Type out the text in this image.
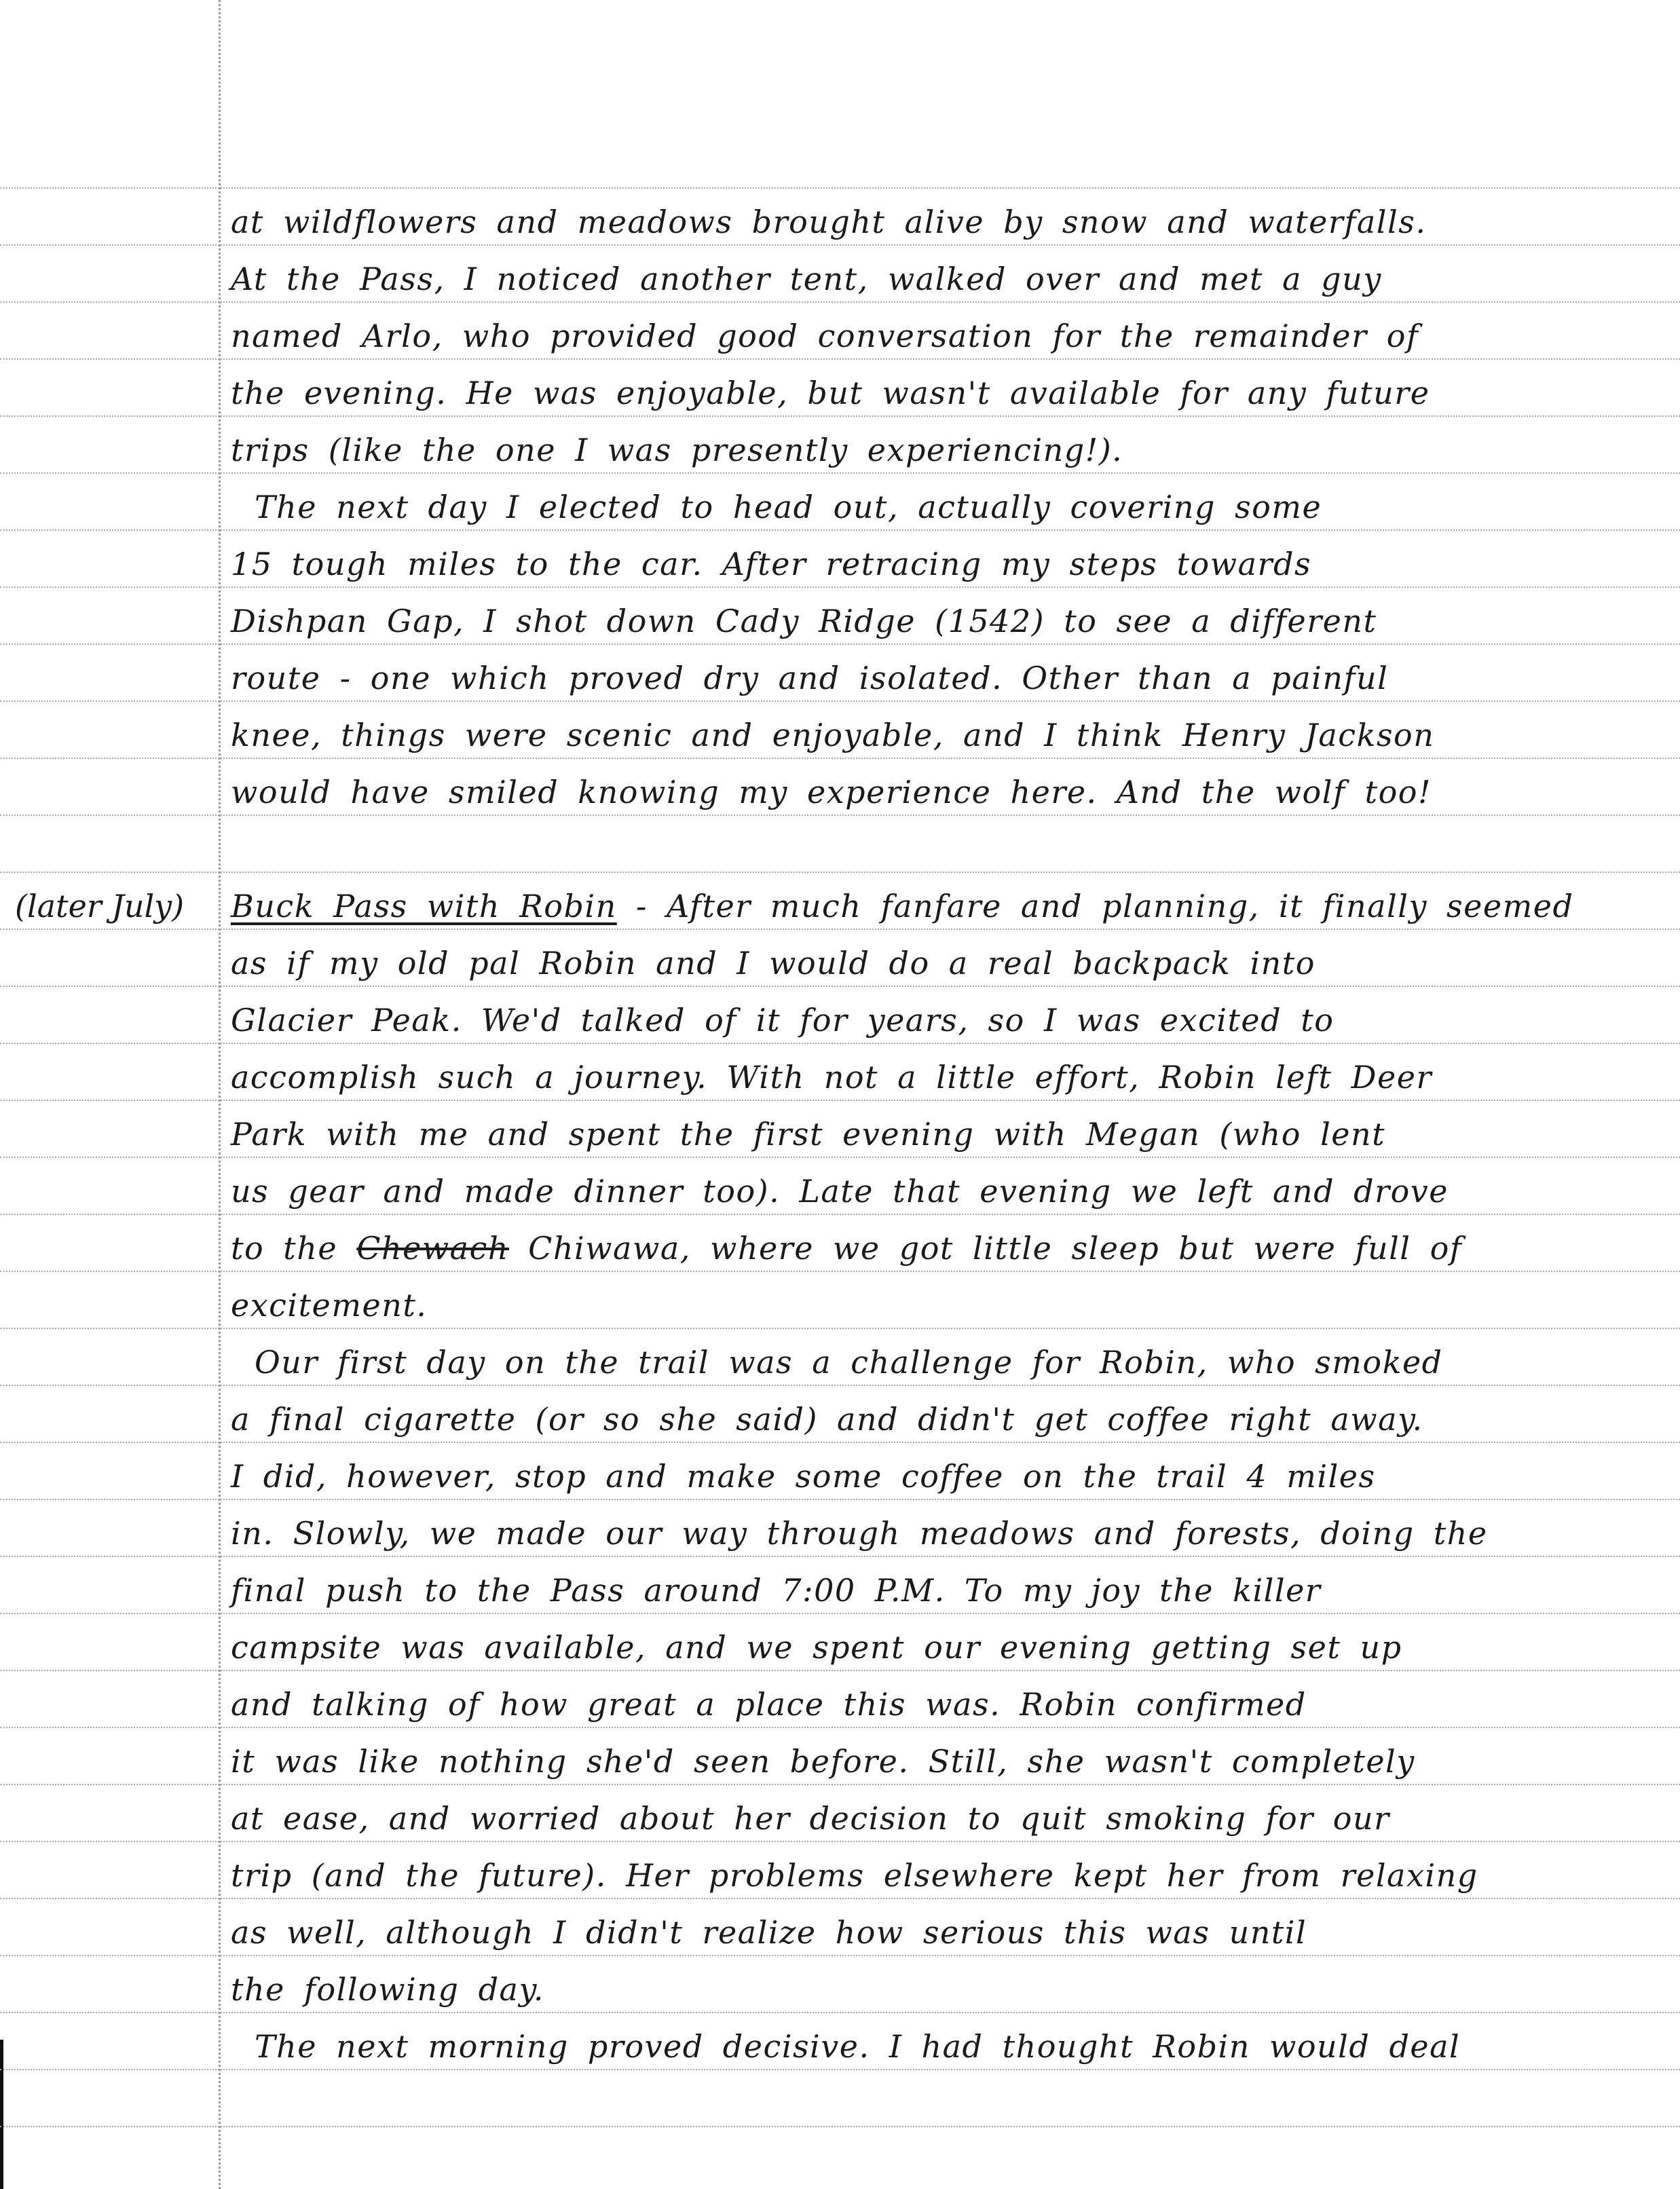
at wildflowers and meadows brought alive by snow and waterfalls.
At the Pass, I noticed another tent, walked over and met a guy
named Arlo, who provided good conversation for the remainder of
the evening. He was enjoyable, but wasn't available for any future
trips (like the one I was presently experiencing!).
The next day I elected to head out, actually covering some
15 tough miles to the car. After retracing my steps towards
Dishpan Gap, I shot down Cady Ridge (1542) to see a different
route - one which proved dry and isolated. Other than a painful
knee, things were scenic and enjoyable, and I think Henry Jackson
would have smiled knowing my experience here. And the wolf too!
(later July) Buck Pass with Robin - After much fanfare and planning, it finally seemed
as if my old pal Robin and I would do a real backpack into
Glacier Peak. We'd talked of it for years, so I was excited to
accomplish such a journey. With not a little effort, Robin left Deer
Park with me and spent the first evening with Megan (who lent
us gear and made dinner too). Late that evening we left and drove
to the Chewach Chiwawa, where we got little sleep but were full of
excitement.
Our first day on the trail was a challenge for Robin, who smoked
a final cigarette (or so she said) and didn't get coffee right away.
I did, however, stop and make some coffee on the trail 4 miles
in. Slowly, we made our way through meadows and forests, doing the
final push to the Pass around 7:00 P.M. To my joy the killer
campsite was available, and we spent our evening getting set up
and talking of how great a place this was. Robin confirmed
it was like nothing she'd seen before. Still, she wasn't completely
at ease, and worried about her decision to quit smoking for our
trip (and the future). Her problems elsewhere kept her from relaxing
as well, although I didn't realize how serious this was until
the following day.
The next morning proved decisive. I had thought Robin would deal
